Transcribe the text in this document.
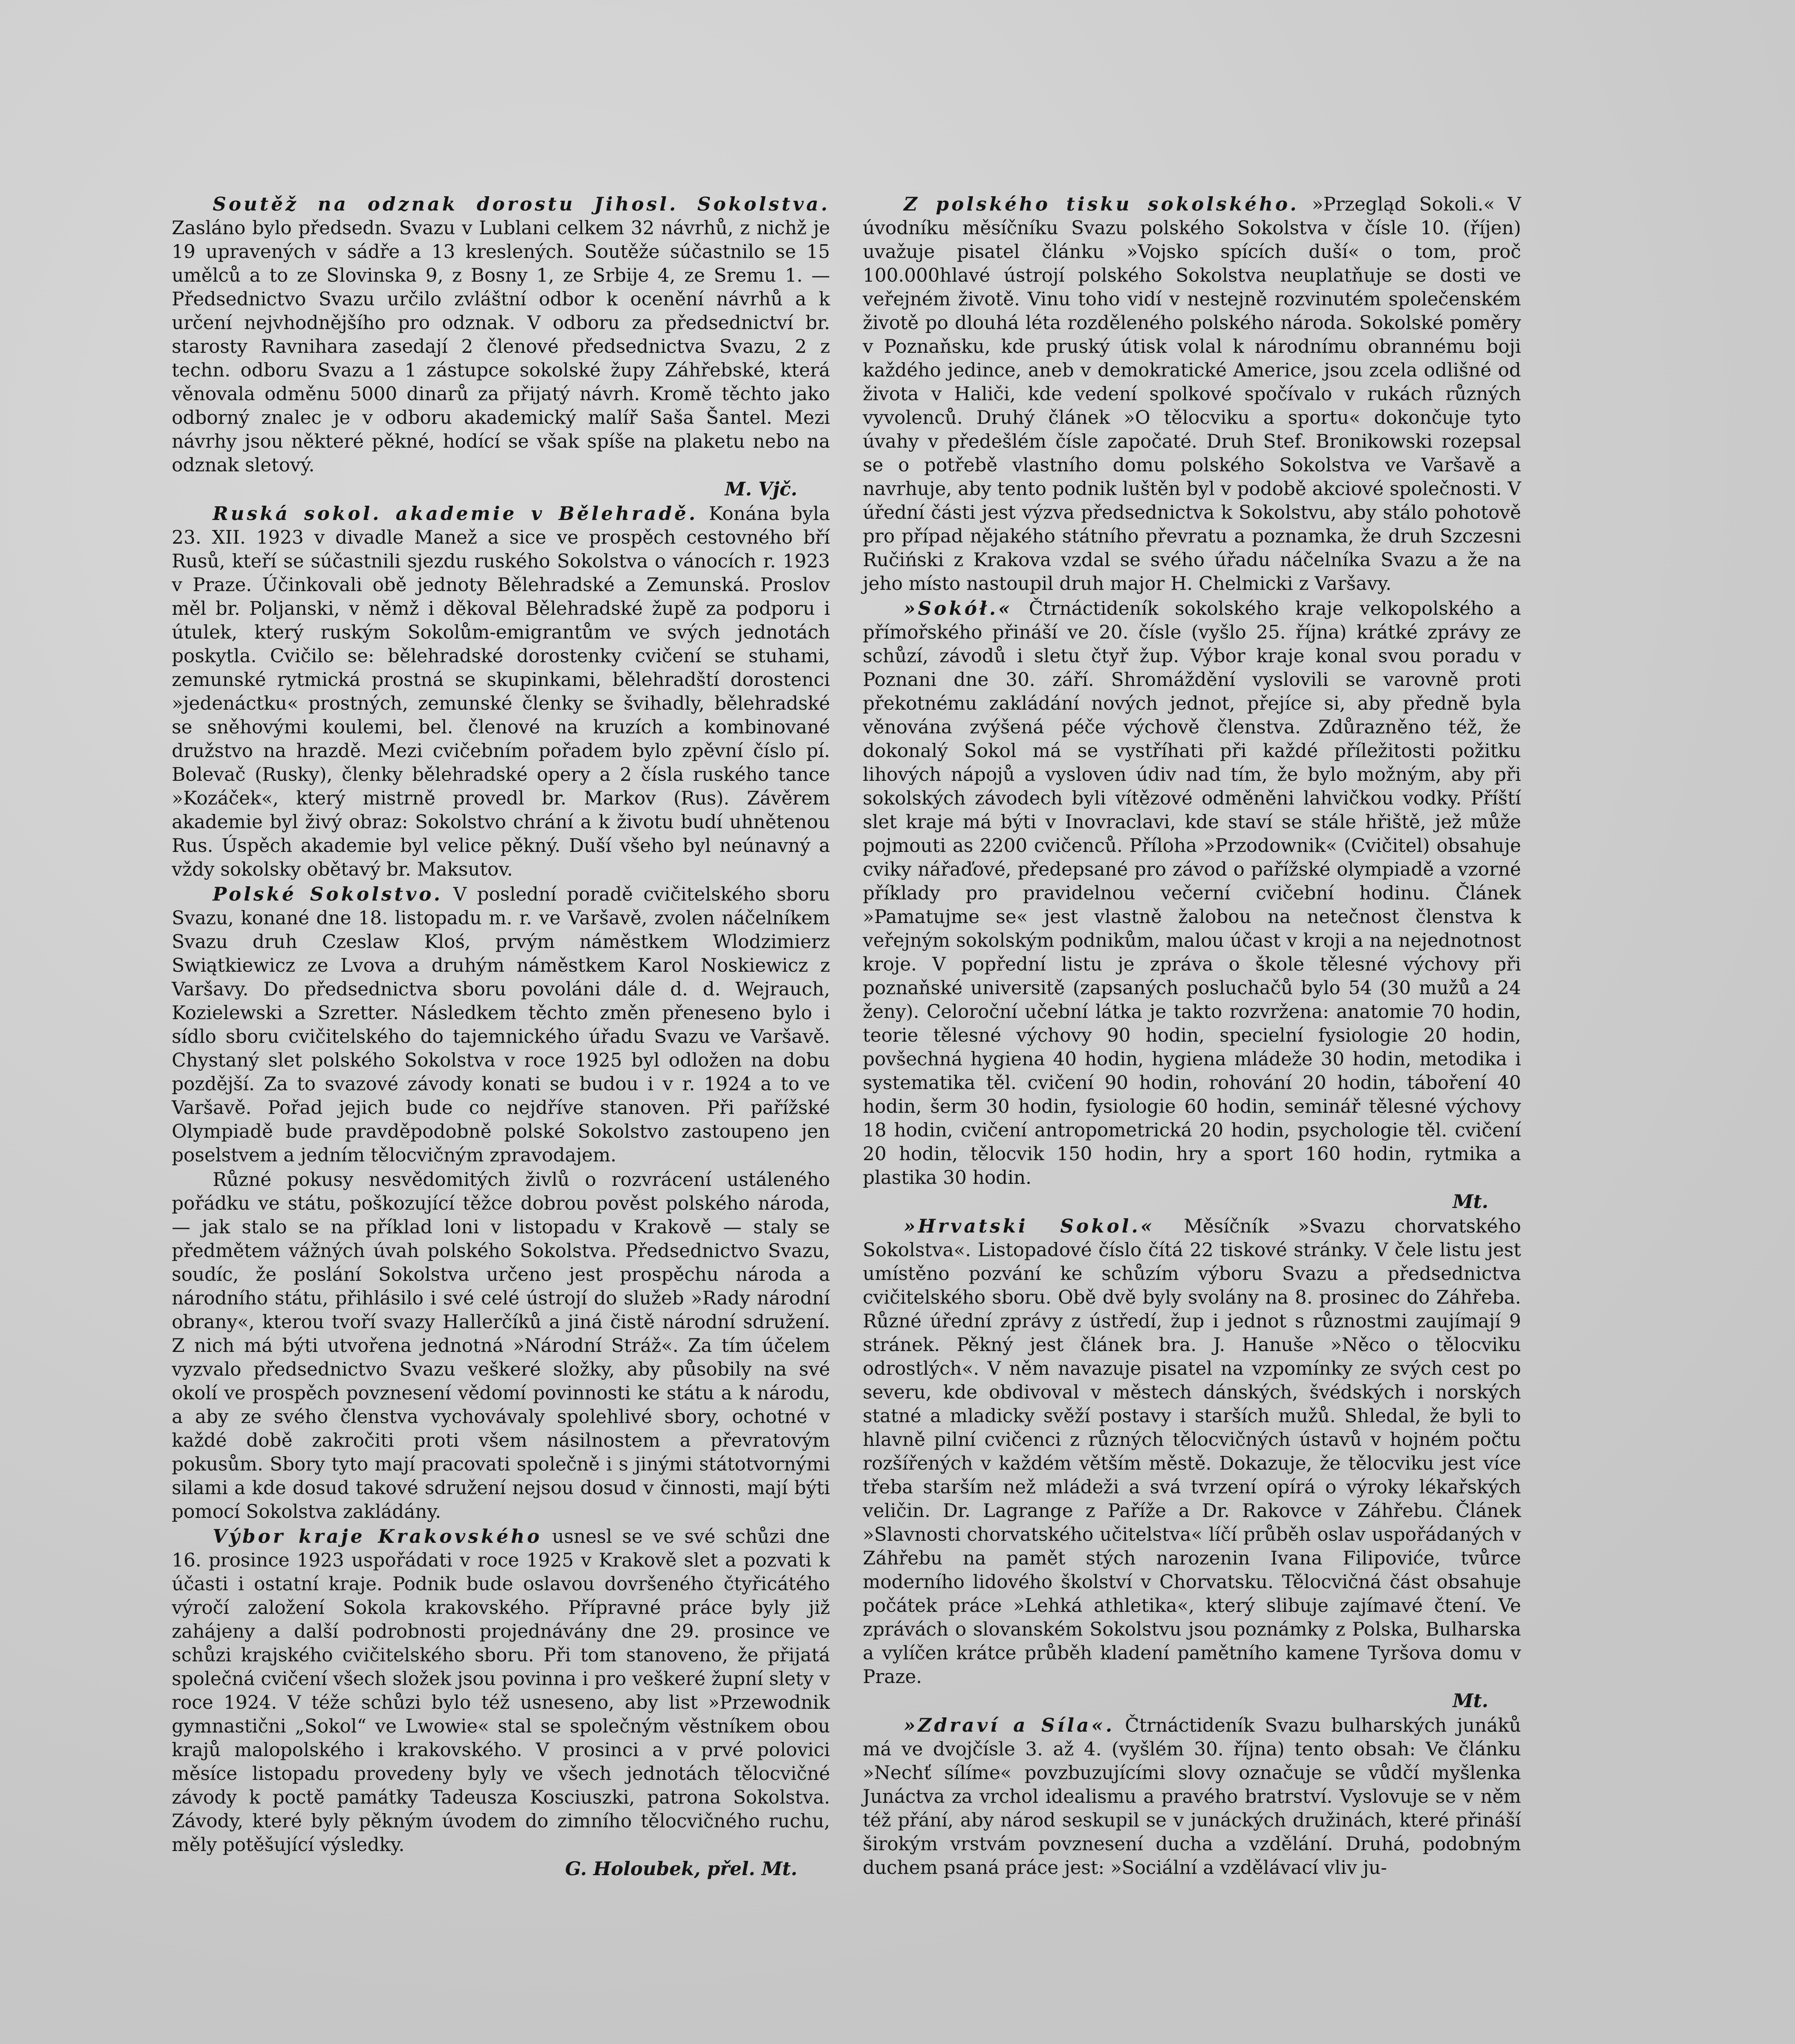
Soutěž na odznak dorostu Jihosl. Sokolstva. Zasláno bylo předsedn. Svazu v Lublani celkem 32 návrhů, z nichž je 19 upravených v sádře a 13 kreslených. Soutěže súčastnilo se 15 umělců a to ze Slovinska 9, z Bosny 1, ze Srbije 4, ze Sremu 1. — Předsednictvo Svazu určilo zvláštní odbor k ocenění návrhů a k určení nejvhodnějšího pro odznak. V odboru za předsednictví br. starosty Ravnihara zasedají 2 členové předsednictva Svazu, 2 z techn. odboru Svazu a 1 zástupce sokolské župy Záhřebské, která věnovala odměnu 5000 dinarů za přijatý návrh. Kromě těchto jako odborný znalec je v odboru akademický malíř Saša Šantel. Mezi návrhy jsou některé pěkné, hodící se však spíše na plaketu nebo na odznak sletový.
M. Vjč.

Ruská sokol. akademie v Bělehradě. Konána byla 23. XII. 1923 v divadle Manež a sice ve prospěch cestovného bří Rusů, kteří se súčastnili sjezdu ruského Sokolstva o vánocích r. 1923 v Praze. Účinkovali obě jednoty Bělehradské a Zemunská. Proslov měl br. Poljanski, v němž i děkoval Bělehradské župě za podporu i útulek, který ruským Sokolům-emigrantům ve svých jednotách poskytla. Cvičilo se: bělehradské dorostenky cvičení se stuhami, zemunské rytmická prostná se skupinkami, bělehradští dorostenci »jedenáctku« prostných, zemunské členky se švihadly, bělehradské se sněhovými koulemi, bel. členové na kruzích a kombinované družstvo na hrazdě. Mezi cvičebním pořadem bylo zpěvní číslo pí. Bolevač (Rusky), členky bělehradské opery a 2 čísla ruského tance »Kozáček«, který mistrně provedl br. Markov (Rus). Závěrem akademie byl živý obraz: Sokolstvo chrání a k životu budí uhnětenou Rus. Úspěch akademie byl velice pěkný. Duší všeho byl neúnavný a vždy sokolsky obětavý br. Maksutov.

Polské Sokolstvo. V poslední poradě cvičitelského sboru Svazu, konané dne 18. listopadu m. r. ve Varšavě, zvolen náčelníkem Svazu druh Czeslaw Kloś, prvým náměstkem Wlodzimierz Swiątkiewicz ze Lvova a druhým náměstkem Karol Noskiewicz z Varšavy. Do předsednictva sboru povoláni dále d. d. Wejrauch, Kozielewski a Szretter. Následkem těchto změn přeneseno bylo i sídlo sboru cvičitelského do tajemnického úřadu Svazu ve Varšavě. Chystaný slet polského Sokolstva v roce 1925 byl odložen na dobu pozdější. Za to svazové závody konati se budou i v r. 1924 a to ve Varšavě. Pořad jejich bude co nejdříve stanoven. Při pařížské Olympiadě bude pravděpodobně polské Sokolstvo zastoupeno jen poselstvem a jedním tělocvičným zpravodajem.

Různé pokusy nesvědomitých živlů o rozvrácení ustáleného pořádku ve státu, poškozující těžce dobrou pověst polského národa, — jak stalo se na příklad loni v listopadu v Krakově — staly se předmětem vážných úvah polského Sokolstva. Předsednictvo Svazu, soudíc, že poslání Sokolstva určeno jest prospěchu národa a národního státu, přihlásilo i své celé ústrojí do služeb »Rady národní obrany«, kterou tvoří svazy Hallerčíků a jiná čistě národní sdružení. Z nich má býti utvořena jednotná »Národní Stráž«. Za tím účelem vyzvalo předsednictvo Svazu veškeré složky, aby působily na své okolí ve prospěch povznesení vědomí povinnosti ke státu a k národu, a aby ze svého členstva vychovávaly spolehlivé sbory, ochotné v každé době zakročiti proti všem násilnostem a převratovým pokusům. Sbory tyto mají pracovati společně i s jinými státotvornými silami a kde dosud takové sdružení nejsou dosud v činnosti, mají býti pomocí Sokolstva zakládány.

Výbor kraje Krakovského usnesl se ve své schůzi dne 16. prosince 1923 uspořádati v roce 1925 v Krakově slet a pozvati k účasti i ostatní kraje. Podnik bude oslavou dovršeného čtyřicátého výročí založení Sokola krakovského. Přípravné práce byly již zahájeny a další podrobnosti projednávány dne 29. prosince ve schůzi krajského cvičitelského sboru. Při tom stanoveno, že přijatá společná cvičení všech složek jsou povinna i pro veškeré župní slety v roce 1924. V téže schůzi bylo též usneseno, aby list »Przewodnik gymnastični „Sokol“ ve Lwowie« stal se společným věstníkem obou krajů malopolského i krakovského. V prosinci a v prvé polovici měsíce listopadu provedeny byly ve všech jednotách tělocvičné závody k poctě památky Tadeusza Kosciuszki, patrona Sokolstva. Závody, které byly pěkným úvodem do zimního tělocvičného ruchu, měly potěšující výsledky.
G. Holoubek, přel. Mt.

Z polského tisku sokolského. »Przegląd Sokoli.« V úvodníku měsíčníku Svazu polského Sokolstva v čísle 10. (říjen) uvažuje pisatel článku »Vojsko spících duší« o tom, proč 100.000hlavé ústrojí polského Sokolstva neuplatňuje se dosti ve veřejném životě. Vinu toho vidí v nestejně rozvinutém společenském životě po dlouhá léta rozděleného polského národa. Sokolské poměry v Poznaňsku, kde pruský útisk volal k národnímu obrannému boji každého jedince, aneb v demokratické Americe, jsou zcela odlišné od života v Haliči, kde vedení spolkové spočívalo v rukách různých vyvolenců. Druhý článek »O tělocviku a sportu« dokončuje tyto úvahy v předešlém čísle započaté. Druh Stef. Bronikowski rozepsal se o potřebě vlastního domu polského Sokolstva ve Varšavě a navrhuje, aby tento podnik luštěn byl v podobě akciové společnosti. V úřední části jest výzva předsednictva k Sokolstvu, aby stálo pohotově pro případ nějakého státního převratu a poznamka, že druh Szczesni Ručiński z Krakova vzdal se svého úřadu náčelníka Svazu a že na jeho místo nastoupil druh major H. Chelmicki z Varšavy.

»Sokół.« Čtrnáctideník sokolského kraje velkopolského a přímořského přináší ve 20. čísle (vyšlo 25. října) krátké zprávy ze schůzí, závodů i sletu čtyř žup. Výbor kraje konal svou poradu v Poznani dne 30. září. Shromáždění vyslovili se varovně proti překotnému zakládání nových jednot, přejíce si, aby předně byla věnována zvýšená péče výchově členstva. Zdůrazněno též, že dokonalý Sokol má se vystříhati při každé příležitosti požitku lihových nápojů a vysloven údiv nad tím, že bylo možným, aby při sokolských závodech byli vítězové odměněni lahvičkou vodky. Příští slet kraje má býti v Inovraclavi, kde staví se stále hřiště, jež může pojmouti as 2200 cvičenců. Příloha »Przodownik« (Cvičitel) obsahuje cviky nářaďové, předepsané pro závod o pařížské olympiadě a vzorné příklady pro pravidelnou večerní cvičební hodinu. Článek »Pamatujme se« jest vlastně žalobou na netečnost členstva k veřejným sokolským podnikům, malou účast v kroji a na nejednotnost kroje. V popřední listu je zpráva o škole tělesné výchovy při poznaňské universitě (zapsaných posluchačů bylo 54 (30 mužů a 24 ženy). Celoroční učební látka je takto rozvržena: anatomie 70 hodin, teorie tělesné výchovy 90 hodin, specielní fysiologie 20 hodin, povšechná hygiena 40 hodin, hygiena mládeže 30 hodin, metodika i systematika těl. cvičení 90 hodin, rohování 20 hodin, táboření 40 hodin, šerm 30 hodin, fysiologie 60 hodin, seminář tělesné výchovy 18 hodin, cvičení antropometrická 20 hodin, psychologie těl. cvičení 20 hodin, tělocvik 150 hodin, hry a sport 160 hodin, rytmika a plastika 30 hodin.
Mt.

»Hrvatski Sokol.« Měsíčník »Svazu chorvatského Sokolstva«. Listopadové číslo čítá 22 tiskové stránky. V čele listu jest umístěno pozvání ke schůzím výboru Svazu a předsednictva cvičitelského sboru. Obě dvě byly svolány na 8. prosinec do Záhřeba. Různé úřední zprávy z ústředí, žup i jednot s různostmi zaujímají 9 stránek. Pěkný jest článek bra. J. Hanuše »Něco o tělocviku odrostlých«. V něm navazuje pisatel na vzpomínky ze svých cest po severu, kde obdivoval v městech dánských, švédských i norských statné a mladicky svěží postavy i starších mužů. Shledal, že byli to hlavně pilní cvičenci z různých tělocvičných ústavů v hojném počtu rozšířených v každém větším městě. Dokazuje, že tělocviku jest více třeba starším než mládeži a svá tvrzení opírá o výroky lékařských veličin. Dr. Lagrange z Paříže a Dr. Rakovce v Záhřebu. Článek »Slavnosti chorvatského učitelstva« líčí průběh oslav uspořádaných v Záhřebu na pamět stých narozenin Ivana Filipoviće, tvůrce moderního lidového školství v Chorvatsku. Tělocvičná část obsahuje počátek práce »Lehká athletika«, který slibuje zajímavé čtení. Ve zprávách o slovanském Sokolstvu jsou poznámky z Polska, Bulharska a vylíčen krátce průběh kladení pamětního kamene Tyršova domu v Praze.
Mt.

»Zdraví a Síla«. Čtrnáctideník Svazu bulharských junáků má ve dvojčísle 3. až 4. (vyšlém 30. října) tento obsah: Ve článku »Nechť sílíme« povzbuzujícími slovy označuje se vůdčí myšlenka Junáctva za vrchol idealismu a pravého bratrství. Vyslovuje se v něm též přání, aby národ seskupil se v junáckých družinách, které přináší širokým vrstvám povznesení ducha a vzdělání. Druhá, podobným duchem psaná práce jest: »Sociální a vzdělávací vliv ju-
